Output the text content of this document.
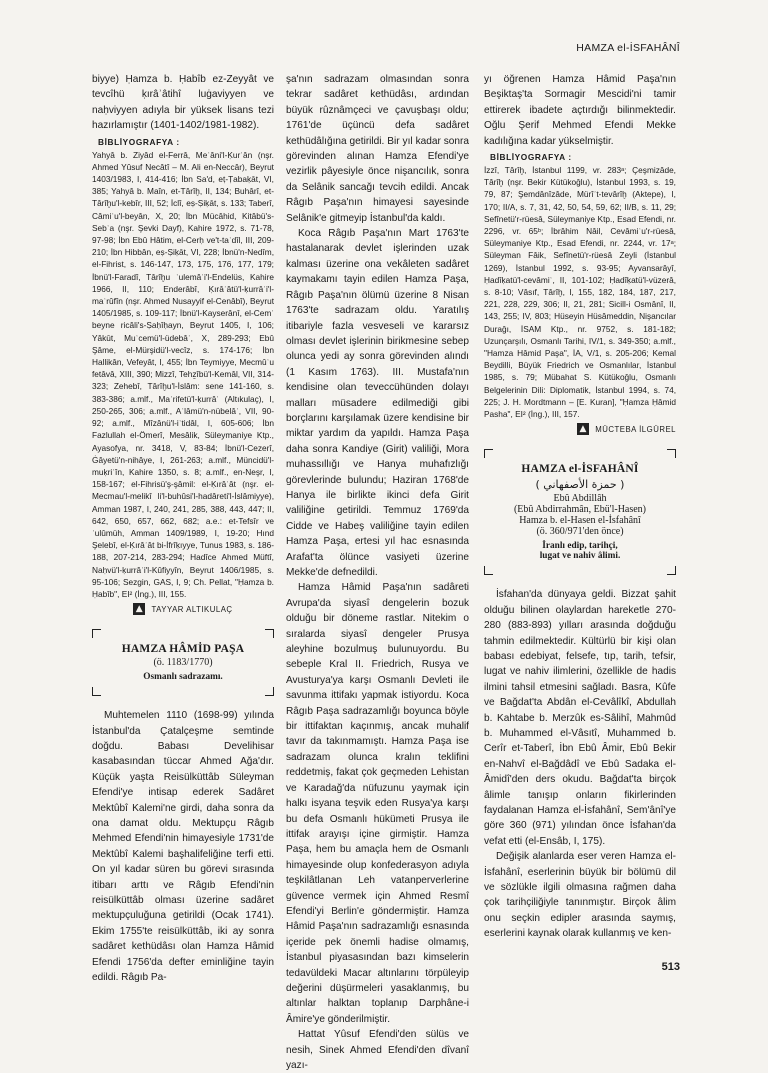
HAMZA el-İSFAHÂNÎ

biyye) Ḥamza b. Ḥabîb ez-Zeyyât ve tevcîhü ḳırâʾâtihî luġaviyyen ve naḥviyyen adıyla bir yüksek lisans tezi hazırlamıştır (1401-1402/1981-1982).

BİBLİYOGRAFYA :

Yahyâ b. Ziyâd el-Ferrâ, Meʿâni'l-Ḳurʾân (nşr. Ahmed Yûsuf Necâtî – M. Ali en-Neccâr), Beyrut 1403/1983, I, 414-416; İbn Sa'd, eṭ-Ṭabaḳāt, VI, 385; Yahyâ b. Maîn, et-Târîḫ, II, 134; Buhârî, et-Târîḫu'l-kebîr, III, 52; İclî, eṣ-Ṣiḳāt, s. 133; Taberî, Câmiʿu'l-beyân, X, 20; İbn Mücâhid, Kitâbü's-Sebʿa (nşr. Şevki Dayf), Kahire 1972, s. 71-78, 97-98; İbn Ebû Hâtim, el-Cerḥ ve't-taʿdîl, III, 209-210; İbn Hibbân, eṣ-Ṣiḳāt, VI, 228; İbnü'n-Nedîm, el-Fihrist, s. 146-147, 173, 175, 176, 177, 179; İbnü'l-Faradî, Târîḫu ʿulemâʾi'l-Endelüs, Kahire 1966, II, 110; Enderâbî, Ḳırâʾâtü'l-ḳurrâʾi'l-maʿrûfîn (nşr. Ahmed Nusayyif el-Cenâbî), Beyrut 1405/1985, s. 109-117; İbnü'l-Kayserânî, el-Cemʿ beyne ricâli's-Ṣaḥîḥayn, Beyrut 1405, I, 106; Yâkūt, Muʿcemü'l-üdebâʾ, X, 289-293; Ebû Şâme, el-Mürşidü'l-vecîz, s. 174-176; İbn Hallikân, Vefeyât, I, 455; İbn Teymiyye, Mecmûʿu fetâvâ, XIII, 390; Mizzî, Tehẕîbü'l-Kemâl, VII, 314-323; Zehebî, Târîḫu'l-İslâm: sene 141-160, s. 383-386; a.mlf., Maʿrifetü'l-ḳurrâʾ (Altıkulaç), I, 250-265, 306; a.mlf., Aʿlâmü'n-nübelâʾ, VII, 90-92; a.mlf., Mîzânü'l-iʿtidâl, I, 605-606; İbn Fazlullah el-Ömerî, Mesâlik, Süleymaniye Ktp., Ayasofya, nr. 3418, V, 83-84; İbnü'l-Cezerî, Ġâyetü'n-nihâye, I, 261-263; a.mlf., Müncidü'l-muḳriʾîn, Kahire 1350, s. 8; a.mlf., en-Neşr, I, 158-167; el-Fihrisü'ş-şâmil: el-Ḳırâʾât (nşr. el-Mecmau'l-melikî li'l-buhûsi'l-hadâreti'l-İslâmiyye), Amman 1987, I, 240, 241, 285, 388, 443, 447; II, 642, 650, 657, 662, 682; a.e.: et-Tefsîr ve ʿulûmüh, Amman 1409/1989, I, 19-20; Hınd Şelebî, el-Ḳırâʾât bi-İfrîḳıyye, Tunus 1983, s. 186-188, 207-214, 283-294; Hadîce Ahmed Müftî, Naḥvü'l-ḳurrâʾi'l-Kûfiyyîn, Beyrut 1406/1985, s. 95-106; Sezgin, GAS, I, 9; Ch. Pellat, "Ḥamza b. Ḥabîb", EI² (İng.), III, 155.

▲ TAYYAR ALTIKULAÇ
HAMZA HÂMİD PAŞA
(ö. 1183/1770)
Osmanlı sadrazamı.

Muhtemelen 1110 (1698-99) yılında İstanbul'da Çatalçeşme semtinde doğdu. Babası Develihisar kasabasından tüccar Ahmed Ağa'dır. Küçük yaşta Reisülküttâb Süleyman Efendi'ye intisap ederek Sadâret Mektûbî Kalemi'ne girdi, daha sonra da ona damat oldu. Mektupçu Râgıb Mehmed Efendi'nin himayesiyle 1731'de Mektûbî Kalemi başhalifeliğine terfi etti. On yıl kadar süren bu görevi sırasında itibarı arttı ve Râgıb Efendi'nin reisülküttâb olması üzerine sadâret mektupçuluğuna getirildi (Ocak 1741). Ekim 1755'te reisülküttâb, iki ay sonra sadâret kethüdâsı olan Hamza Hâmid Efendi 1756'da defter eminliğine tayin edildi. Râgıb Pa-

şa'nın sadrazam olmasından sonra tekrar sadâret kethüdâsı, ardından büyük rûznâmçeci ve çavuşbaşı oldu; 1761'de üçüncü defa sadâret kethüdâlığına getirildi. Bir yıl kadar sonra görevinden alınan Hamza Efendi'ye vezirlik pâyesiyle önce nişancılık, sonra da Selânik sancağı tevcih edildi. Ancak Râgıb Paşa'nın himayesi sayesinde Selânik'e gitmeyip İstanbul'da kaldı.

Koca Râgıb Paşa'nın Mart 1763'te hastalanarak devlet işlerinden uzak kalması üzerine ona vekâleten sadâret kaymakamı tayin edilen Hamza Paşa, Râgıb Paşa'nın ölümü üzerine 8 Nisan 1763'te sadrazam oldu. Yaratılış itibariyle fazla vesveseli ve kararsız olması devlet işlerinin birikmesine sebep olunca yedi ay sonra görevinden alındı (1 Kasım 1763). III. Mustafa'nın kendisine olan teveccühünden dolayı malları müsadere edilmediği gibi borçlarını karşılamak üzere kendisine bir miktar yardım da yapıldı. Hamza Paşa daha sonra Kandiye (Girit) valiliği, Mora muhassıllığı ve Hanya muhafızlığı görevlerinde bulundu; Haziran 1768'de Hanya ile birlikte ikinci defa Girit valiliğine getirildi. Temmuz 1769'da Cidde ve Habeş valiliğine tayin edilen Hamza Paşa, ertesi yıl hac esnasında Arafat'ta ölünce vasiyeti üzerine Mekke'de defnedildi.

Hamza Hâmid Paşa'nın sadâreti Avrupa'da siyasî dengelerin bozuk olduğu bir döneme rastlar. Nitekim o sıralarda siyasî dengeler Prusya aleyhine bozulmuş bulunuyordu. Bu sebeple Kral II. Friedrich, Rusya ve Avusturya'ya karşı Osmanlı Devleti ile savunma ittifakı yapmak istiyordu. Koca Râgıb Paşa sadrazamlığı boyunca böyle bir ittifaktan kaçınmış, ancak muhalif tavır da takınmamıştı. Hamza Paşa ise sadrazam olunca kralın teklifini reddetmiş, fakat çok geçmeden Lehistan ve Karadağ'da nüfuzunu yaymak için halkı isyana teşvik eden Rusya'ya karşı bu defa Osmanlı hükümeti Prusya ile ittifak arayışı içine girmiştir. Hamza Paşa, hem bu amaçla hem de Osmanlı himayesinde olup konfederasyon adıyla teşkilâtlanan Leh vatanperverlerine güvence vermek için Ahmed Resmî Efendi'yi Berlin'e göndermiştir. Hamza Hâmid Paşa'nın sadrazamlığı esnasında içeride pek önemli hadise olmamış, İstanbul piyasasından bazı kimselerin tedavüldeki Macar altınlarını törpüleyip değerini düşürmeleri yasaklanmış, bu altınlar halktan toplanıp Darphâne-i Âmire'ye gönderilmiştir.

Hattat Yûsuf Efendi'den sülüs ve nesih, Sinek Ahmed Efendi'den dîvanî yazı-

yı öğrenen Hamza Hâmid Paşa'nın Beşiktaş'ta Sormagir Mescidi'ni tamir ettirerek ibadete açtırdığı bilinmektedir. Oğlu Şerif Mehmed Efendi Mekke kadılığına kadar yükselmiştir.

BİBLİYOGRAFYA :

İzzî, Târîḫ, İstanbul 1199, vr. 283ᵃ; Çeşmizâde, Târîḫ (nşr. Bekir Kütükoğlu), İstanbul 1993, s. 19, 79, 87; Şemdânîzâde, Mürîʾt-tevârîḫ (Aktepe), I, 170; II/A, s. 7, 31, 42, 50, 54, 59, 62; II/B, s. 11, 29; Sefînetü'r-rüesâ, Süleymaniye Ktp., Esad Efendi, nr. 2296, vr. 65ᵇ; İbrâhim Nâil, Cevâmiʿu'r-rüesâ, Süleymaniye Ktp., Esad Efendi, nr. 2244, vr. 17ᵃ; Süleyman Fâik, Sefînetü'r-rüesâ Zeyli (İstanbul 1269), İstanbul 1992, s. 93-95; Ayvansarâyî, Ḥadîḳatü'l-cevâmiʿ, II, 101-102; Ḥadîḳatü'l-vüzerâ, s. 8-10; Vâsıf, Târîḫ, I, 155, 182, 184, 187, 217, 221, 228, 229, 306; II, 21, 281; Sicill-i Osmânî, II, 143, 255; IV, 803; Hüseyin Hüsâmeddin, Nişancılar Durağı, İSAM Ktp., nr. 9752, s. 181-182; Uzunçarşılı, Osmanlı Tarihi, IV/1, s. 349-350; a.mlf., "Hamza Hâmid Paşa", İA, V/1, s. 205-206; Kemal Beydilli, Büyük Friedrich ve Osmanlılar, İstanbul 1985, s. 79; Mübahat S. Kütükoğlu, Osmanlı Belgelerinin Dili: Diplomatik, İstanbul 1994, s. 74, 225; J. H. Mordtmann – [E. Kuran], "Ḥamza Ḥâmid Pasha", EI² (İng.), III, 157.

▲ MÜCTEBA İLGÜREL
HAMZA el-İSFAHÂNÎ
( حمزة الأصفهاني )
Ebû Abdillâh
(Ebû Abdirrahmân, Ebü'l-Hasen)
Hamza b. el-Hasen el-İsfahânî
(ö. 360/971'den önce)
İranlı edip, tarihçi,
lugat ve nahiv âlimi.

İsfahan'da dünyaya geldi. Bizzat şahit olduğu bilinen olaylardan hareketle 270-280 (883-893) yılları arasında doğduğu tahmin edilmektedir. Kültürlü bir kişi olan babası edebiyat, felsefe, tıp, tarih, tefsir, lugat ve nahiv ilimlerini, özellikle de hadis ilmini tahsil etmesini sağladı. Basra, Kûfe ve Bağdat'ta Abdân el-Cevâlîkî, Abdullah b. Kahtabe b. Merzûk es-Sâlihî, Mahmûd b. Muhammed el-Vâsıtî, Muhammed b. Cerîr et-Taberî, İbn Ebû Âmir, Ebû Bekir en-Nahvî el-Bağdâdî ve Ebû Sadaka el-Âmidî'den ders okudu. Bağdat'ta birçok âlimle tanışıp onların fikirlerinden faydalanan Hamza el-İsfahânî, Sem'ânî'ye göre 360 (971) yılından önce İsfahan'da vefat etti (el-Ensâb, I, 175).

Değişik alanlarda eser veren Hamza el-İsfahânî, eserlerinin büyük bir bölümü dil ve sözlükle ilgili olmasına rağmen daha çok tarihçiliğiyle tanınmıştır. Birçok âlim onu seçkin edipler arasında saymış, eserlerini kaynak olarak kullanmış ve ken-

513
